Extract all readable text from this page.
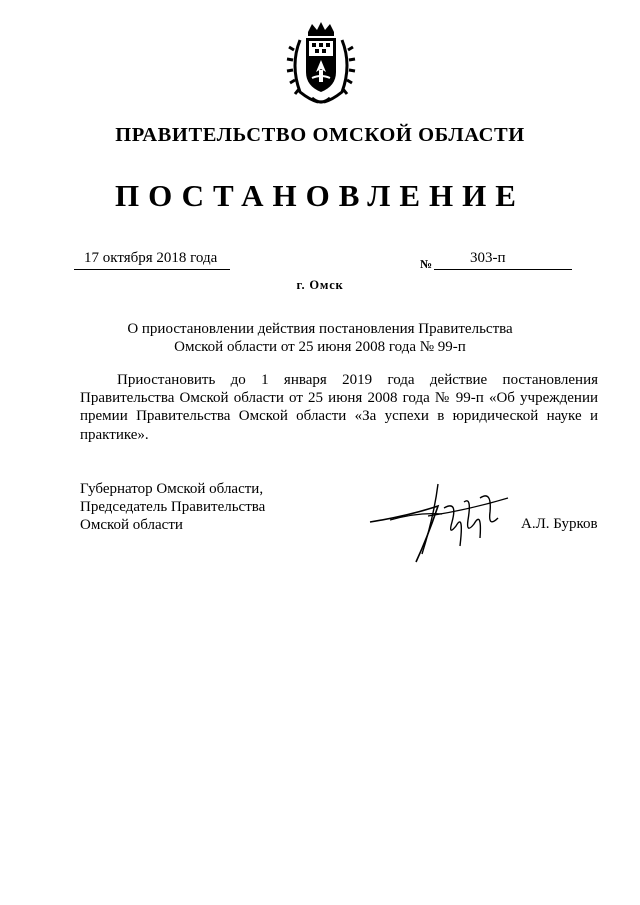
ПРАВИТЕЛЬСТВО ОМСКОЙ ОБЛАСТИ
ПОСТАНОВЛЕНИЕ
17 октября 2018 года	№	303-п
г. Омск
О приостановлении действия постановления Правительства
Омской области от 25 июня 2008 года № 99-п
Приостановить до 1 января 2019 года действие постановления Правительства Омской области от 25 июня 2008 года № 99-п «Об учреждении премии Правительства Омской области «За успехи в юридической науке и практике».
Губернатор Омской области,
Председатель Правительства
Омской области	А.Л. Бурков
